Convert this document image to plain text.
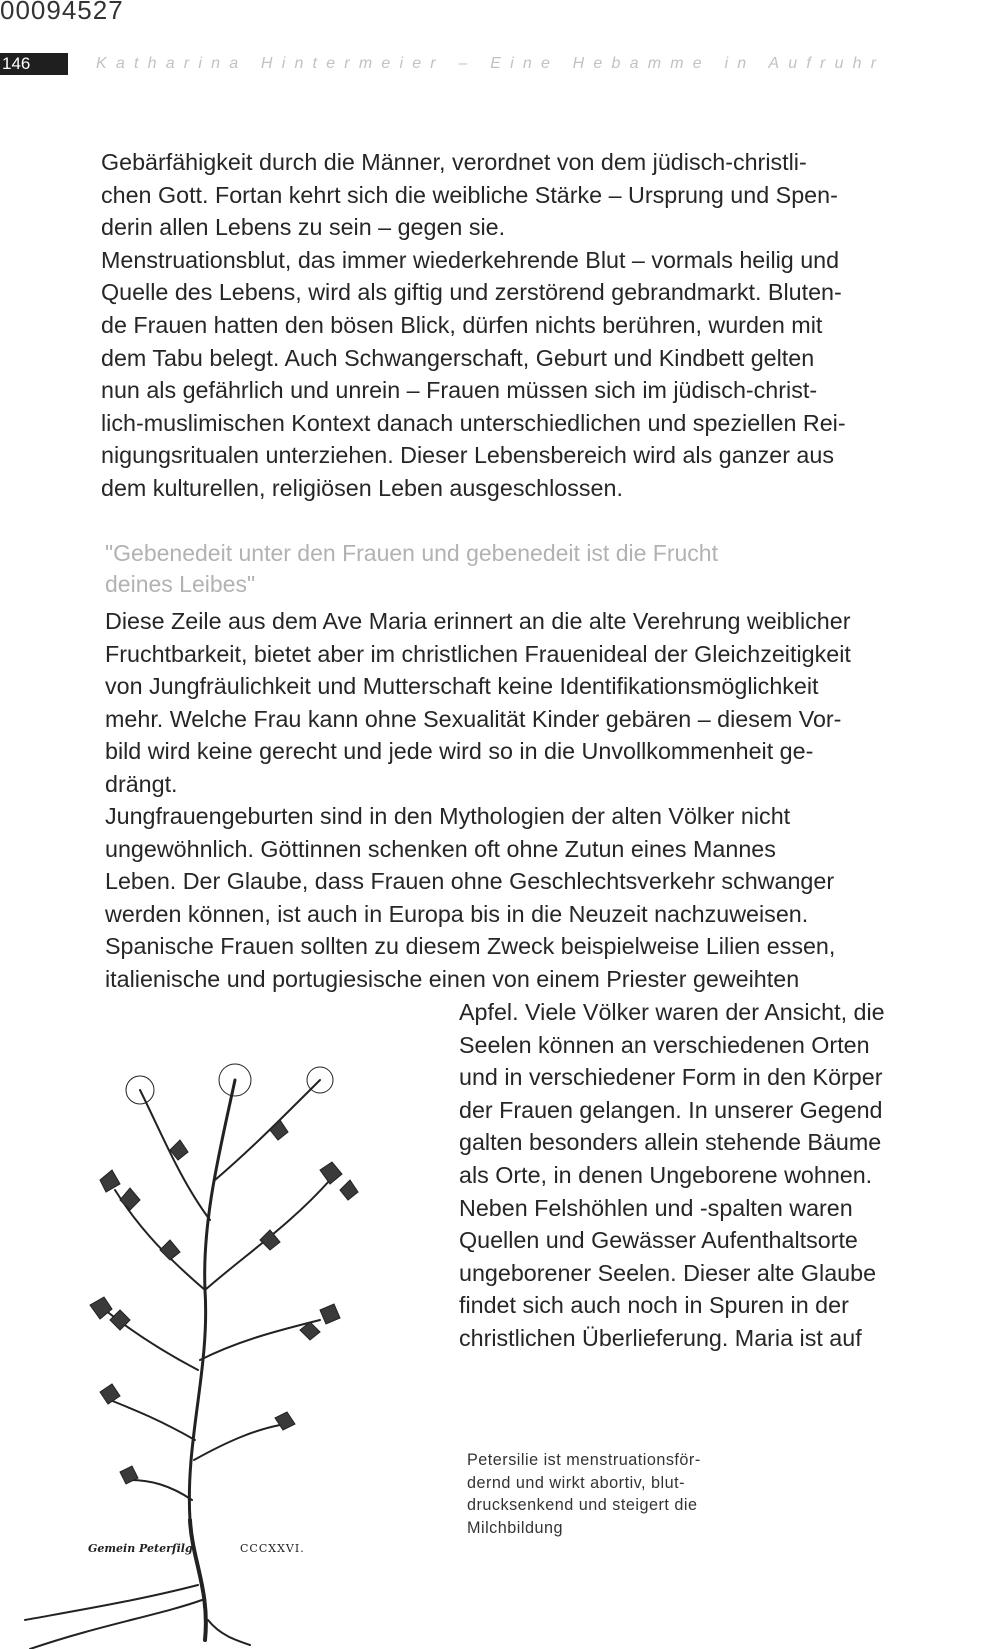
00094527
146	Katharina Hintermeier – Eine Hebamme in Aufruhr

Gebärfähigkeit durch die Männer, verordnet von dem jüdisch-christli-
chen Gott. Fortan kehrt sich die weibliche Stärke – Ursprung und Spen-
derin allen Lebens zu sein – gegen sie.
Menstruationsblut, das immer wiederkehrende Blut – vormals heilig und
Quelle des Lebens, wird als giftig und zerstörend gebrandmarkt. Bluten-
de Frauen hatten den bösen Blick, dürfen nichts berühren, wurden mit
dem Tabu belegt. Auch Schwangerschaft, Geburt und Kindbett gelten
nun als gefährlich und unrein – Frauen müssen sich im jüdisch-christ-
lich-muslimischen Kontext danach unterschiedlichen und speziellen Rei-
nigungsritualen unterziehen. Dieser Lebensbereich wird als ganzer aus
dem kulturellen, religiösen Leben ausgeschlossen.

"Gebenedeit unter den Frauen und gebenedeit ist die Frucht
deines Leibes"

Diese Zeile aus dem Ave Maria erinnert an die alte Verehrung weiblicher
Fruchtbarkeit, bietet aber im christlichen Frauenideal der Gleichzeitigkeit
von Jungfräulichkeit und Mutterschaft keine Identifikationsmöglichkeit
mehr. Welche Frau kann ohne Sexualität Kinder gebären – diesem Vor-
bild wird keine gerecht und jede wird so in die Unvollkommenheit ge-
drängt.

Jungfrauengeburten sind in den Mythologien der alten Völker nicht
ungewöhnlich. Göttinnen schenken oft ohne Zutun eines Mannes
Leben. Der Glaube, dass Frauen ohne Geschlechtsverkehr schwanger
werden können, ist auch in Europa bis in die Neuzeit nachzuweisen.
Spanische Frauen sollten zu diesem Zweck beispielweise Lilien essen,
italienische und portugiesische einen von einem Priester geweihten

Apfel. Viele Völker waren der Ansicht, die
Seelen können an verschiedenen Orten
und in verschiedener Form in den Körper
der Frauen gelangen. In unserer Gegend
galten besonders allein stehende Bäume
als Orte, in denen Ungeborene wohnen.
Neben Felshöhlen und -spalten waren
Quellen und Gewässer Aufenthaltsorte
ungeborener Seelen. Dieser alte Glaube
findet sich auch noch in Spuren in der
christlichen Überlieferung. Maria ist auf

Gemein Peterſilg.	CCCXXVI.

Petersilie ist menstruationsför-
dernd und wirkt abortiv, blut-
drucksenkend und steigert die
Milchbildung
